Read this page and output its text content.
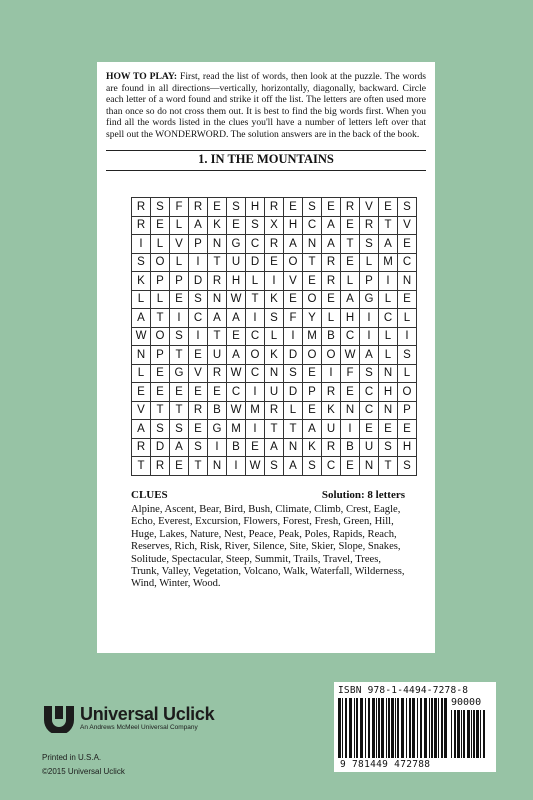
HOW TO PLAY: First, read the list of words, then look at the puzzle. The words are found in all directions—vertically, horizontally, diagonally, backward. Circle each letter of a word found and strike it off the list. The letters are often used more than once so do not cross them out. It is best to find the big words first. When you find all the words listed in the clues you'll have a number of letters left over that spell out the WONDERWORD. The solution answers are in the back of the book.
1. IN THE MOUNTAINS
R	S	F	R	E	S	H	R	E	S	E	R	V	E	S
R	E	L	A	K	E	S	X	H	C	A	E	R	T	V
I	L	V	P	N	G	C	R	A	N	A	T	S	A	E
S	O	L	I	T	U	D	E	O	T	R	E	L	M	C
K	P	P	D	R	H	L	I	V	E	R	L	P	I	N
L	L	E	S	N	W	T	K	E	O	E	A	G	L	E
A	T	I	C	A	A	I	S	F	Y	L	H	I	C	L
W	O	S	I	T	E	C	L	I	M	B	C	I	L	I
N	P	T	E	U	A	O	K	D	O	O	W	A	L	S
L	E	G	V	R	W	C	N	S	E	I	F	S	N	L
E	E	E	E	E	C	I	U	D	P	R	E	C	H	O
V	T	T	R	B	W	M	R	L	E	K	N	C	N	P
A	S	S	E	G	M	I	T	T	A	U	I	E	E	E
R	D	A	S	I	B	E	A	N	K	R	B	U	S	H
T	R	E	T	N	I	W	S	A	S	C	E	N	T	S
CLUES	Solution: 8 letters
Alpine, Ascent, Bear, Bird, Bush, Climate, Climb, Crest, Eagle, Echo, Everest, Excursion, Flowers, Forest, Fresh, Green, Hill, Huge, Lakes, Nature, Nest, Peace, Peak, Poles, Rapids, Reach, Reserves, Rich, Risk, River, Silence, Site, Skier, Slope, Snakes, Solitude, Spectacular, Steep, Summit, Trails, Travel, Trees, Trunk, Valley, Vegetation, Volcano, Walk, Waterfall, Wilderness, Wind, Winter, Wood.
Universal Uclick
An Andrews McMeel Universal Company
Printed in U.S.A.
©2015 Universal Uclick
ISBN 978-1-4494-7278-8
90000
9 781449 472788
